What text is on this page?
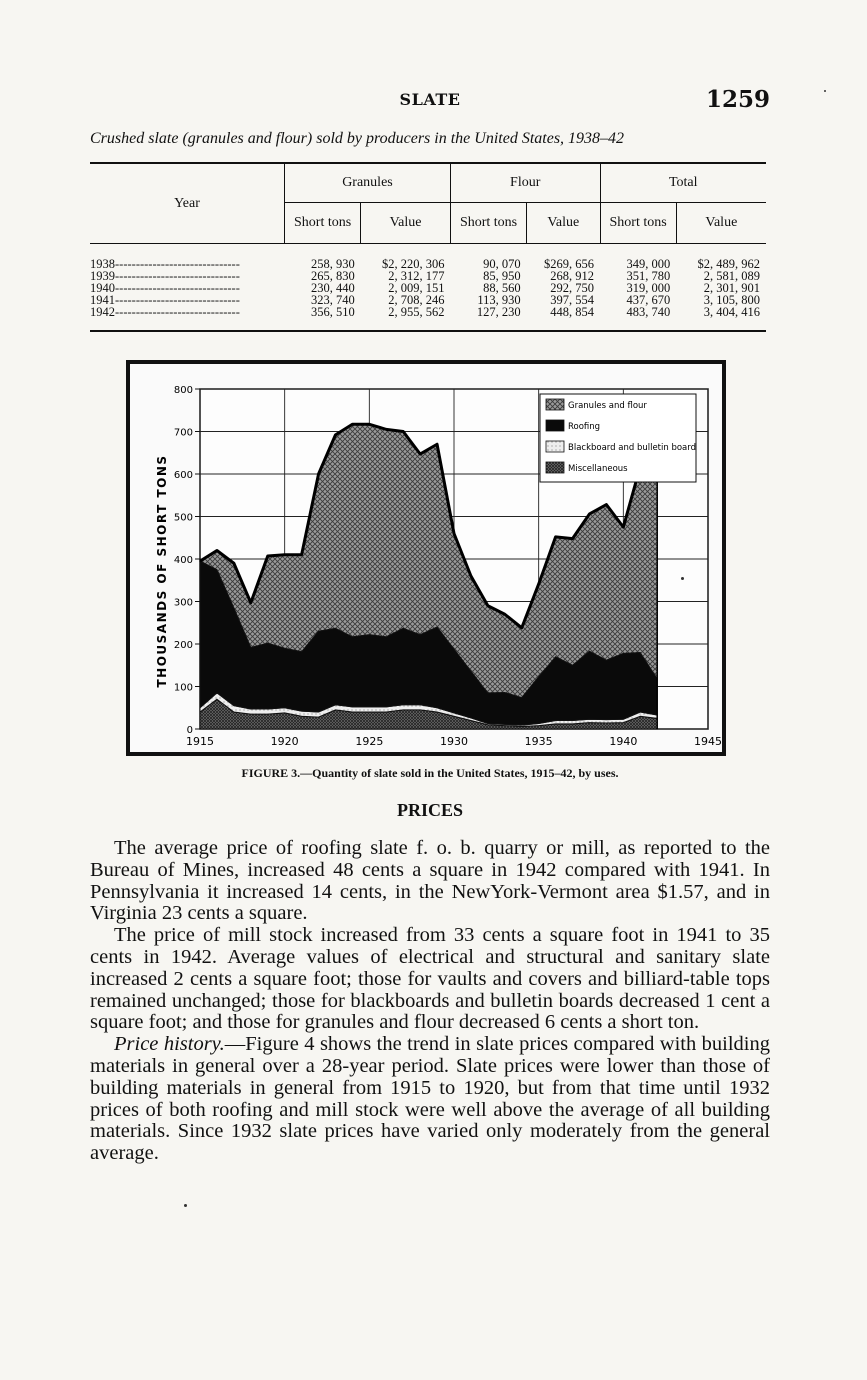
SLATE	1259
Crushed slate (granules and flour) sold by producers in the United States, 1938–42
Year	Granules		Flour		Total	
	Short tons	Value	Short tons	Value	Short tons	Value
1938------------------------------	258, 930	$2, 220, 306	90, 070	$269, 656	349, 000	$2, 489, 962
1939------------------------------	265, 830	2, 312, 177	85, 950	268, 912	351, 780	2, 581, 089
1940------------------------------	230, 440	2, 009, 151	88, 560	292, 750	319, 000	2, 301, 901
1941------------------------------	323, 740	2, 708, 246	113, 930	397, 554	437, 670	3, 105, 800
1942------------------------------	356, 510	2, 955, 562	127, 230	448, 854	483, 740	3, 404, 416
0
100
200
300
400
500
600
700
800
1915	1920	1925	1930	1935	1940	1945
Granules and flour
Roofing
Blackboard and bulletin board
Miscellaneous
THOUSANDS OF SHORT TONS
FIGURE 3.—Quantity of slate sold in the United States, 1915–42, by uses.
PRICES

The average price of roofing slate f. o. b. quarry or mill, as reported to the Bureau of Mines, increased 48 cents a square in 1942 compared with 1941. In Pennsylvania it increased 14 cents, in the NewYork-Vermont area $1.57, and in Virginia 23 cents a square.

The price of mill stock increased from 33 cents a square foot in 1941 to 35 cents in 1942. Average values of electrical and structural and sanitary slate increased 2 cents a square foot; those for vaults and covers and billiard-table tops remained unchanged; those for blackboards and bulletin boards decreased 1 cent a square foot; and those for granules and flour decreased 6 cents a short ton.

Price history.—Figure 4 shows the trend in slate prices compared with building materials in general over a 28-year period. Slate prices were lower than those of building materials in general from 1915 to 1920, but from that time until 1932 prices of both roofing and mill stock were well above the average of all building materials. Since 1932 slate prices have varied only moderately from the general average.
